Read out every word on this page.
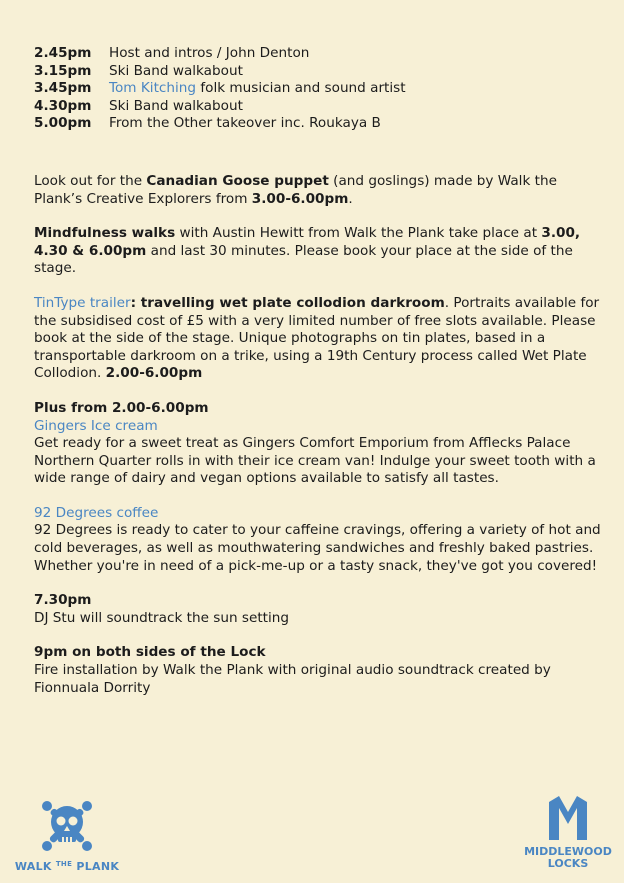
2.45pm	Host and intros / John Denton
3.15pm	Ski Band walkabout
3.45pm	Tom Kitching folk musician and sound artist
4.30pm	Ski Band walkabout
5.00pm	From the Other takeover inc. Roukaya B

Look out for the Canadian Goose puppet (and goslings) made by Walk the Plank’s Creative Explorers from 3.00-6.00pm.

Mindfulness walks with Austin Hewitt from Walk the Plank take place at 3.00, 4.30 & 6.00pm and last 30 minutes. Please book your place at the side of the stage.

TinType trailer: travelling wet plate collodion darkroom. Portraits available for the subsidised cost of £5 with a very limited number of free slots available. Please book at the side of the stage. Unique photographs on tin plates, based in a transportable darkroom on a trike, using a 19th Century process called Wet Plate Collodion. 2.00-6.00pm

Plus from 2.00-6.00pm
Gingers Ice cream

Get ready for a sweet treat as Gingers Comfort Emporium from Afflecks Palace Northern Quarter rolls in with their ice cream van! Indulge your sweet tooth with a wide range of dairy and vegan options available to satisfy all tastes.

92 Degrees coffee

92 Degrees is ready to cater to your caffeine cravings, offering a variety of hot and cold beverages, as well as mouthwatering sandwiches and freshly baked pastries. Whether you're in need of a pick-me-up or a tasty snack, they've got you covered!

7.30pm

DJ Stu will soundtrack the sun setting

9pm on both sides of the Lock

Fire installation by Walk the Plank with original audio soundtrack created by Fionnuala Dorrity

WALK $^{THE}$ PLANK
MIDDLEWOOD
LOCKS
